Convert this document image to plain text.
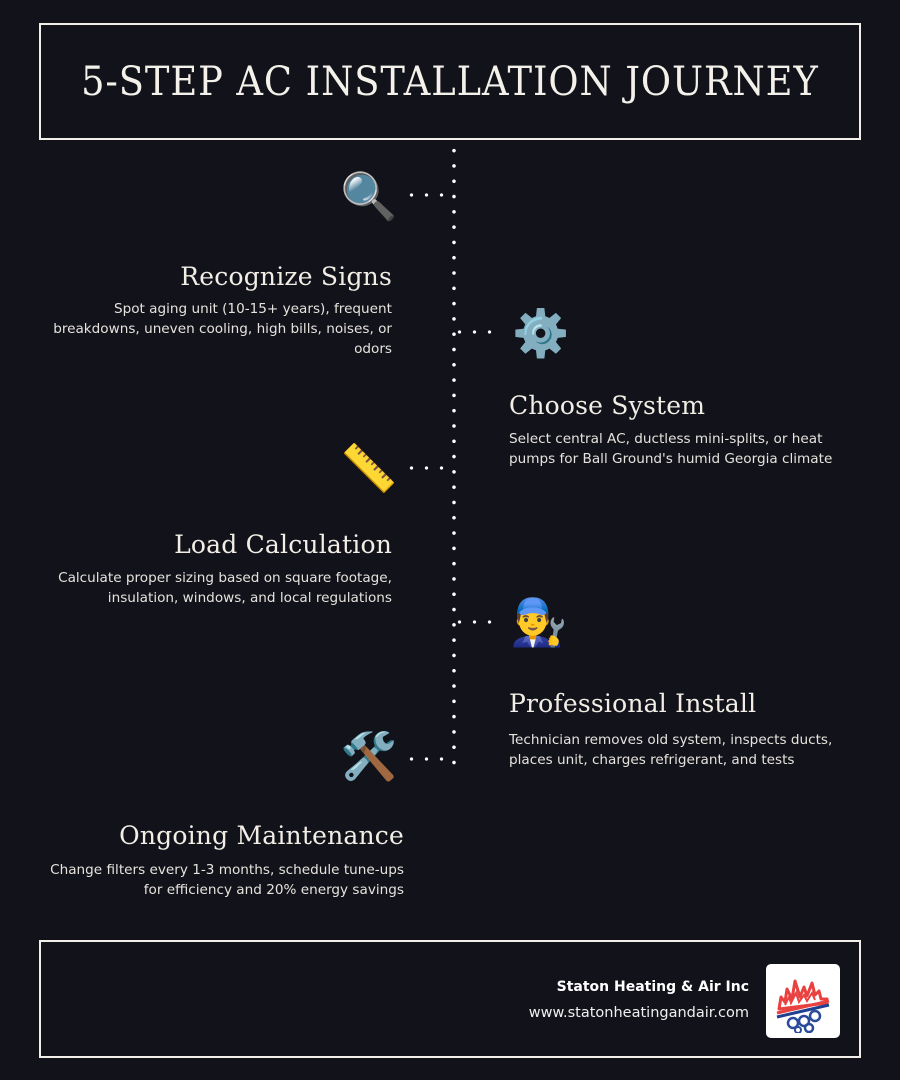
5-STEP AC INSTALLATION JOURNEY
🔍
Recognize Signs
Spot aging unit (10-15+ years), frequent breakdowns, uneven cooling, high bills, noises, or odors	⚙️
Choose System
Select central AC, ductless mini-splits, or heat pumps for Ball Ground's humid Georgia climate
📏
Load Calculation
Calculate proper sizing based on square footage, insulation, windows, and local regulations	👨‍🔧
Professional Install
Technician removes old system, inspects ducts, places unit, charges refrigerant, and tests
🛠️
Ongoing Maintenance
Change filters every 1-3 months, schedule tune-ups for efficiency and 20% energy savings
Staton Heating & Air Inc
www.statonheatingandair.com
